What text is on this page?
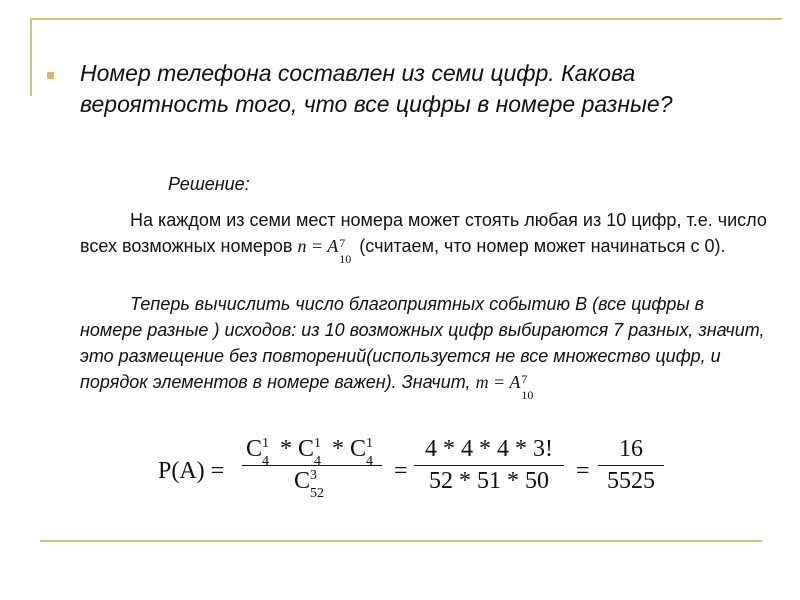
Номер телефона составлен из семи цифр. Какова вероятность того, что все цифры в номере разные?
Решение:
На каждом из семи мест номера может стоять любая из 10 цифр, т.е. число всех возможных номеров n = A 7
10
(считаем, что номер может начинаться с 0).
Теперь вычислить число благоприятных событию В (все цифры в номере разные ) исходов: из 10 возможных цифр выбираются 7 разных, значит, это размещение без повторений(используется не все множество цифр, и порядок элементов в номере важен). Значит, m = A 7
10
P(A) =
C 1
4 * C 1
4 * C 1
4
C 3
52
=
4 * 4 * 4 * 3!
52 * 51 * 50	=
16
5525
